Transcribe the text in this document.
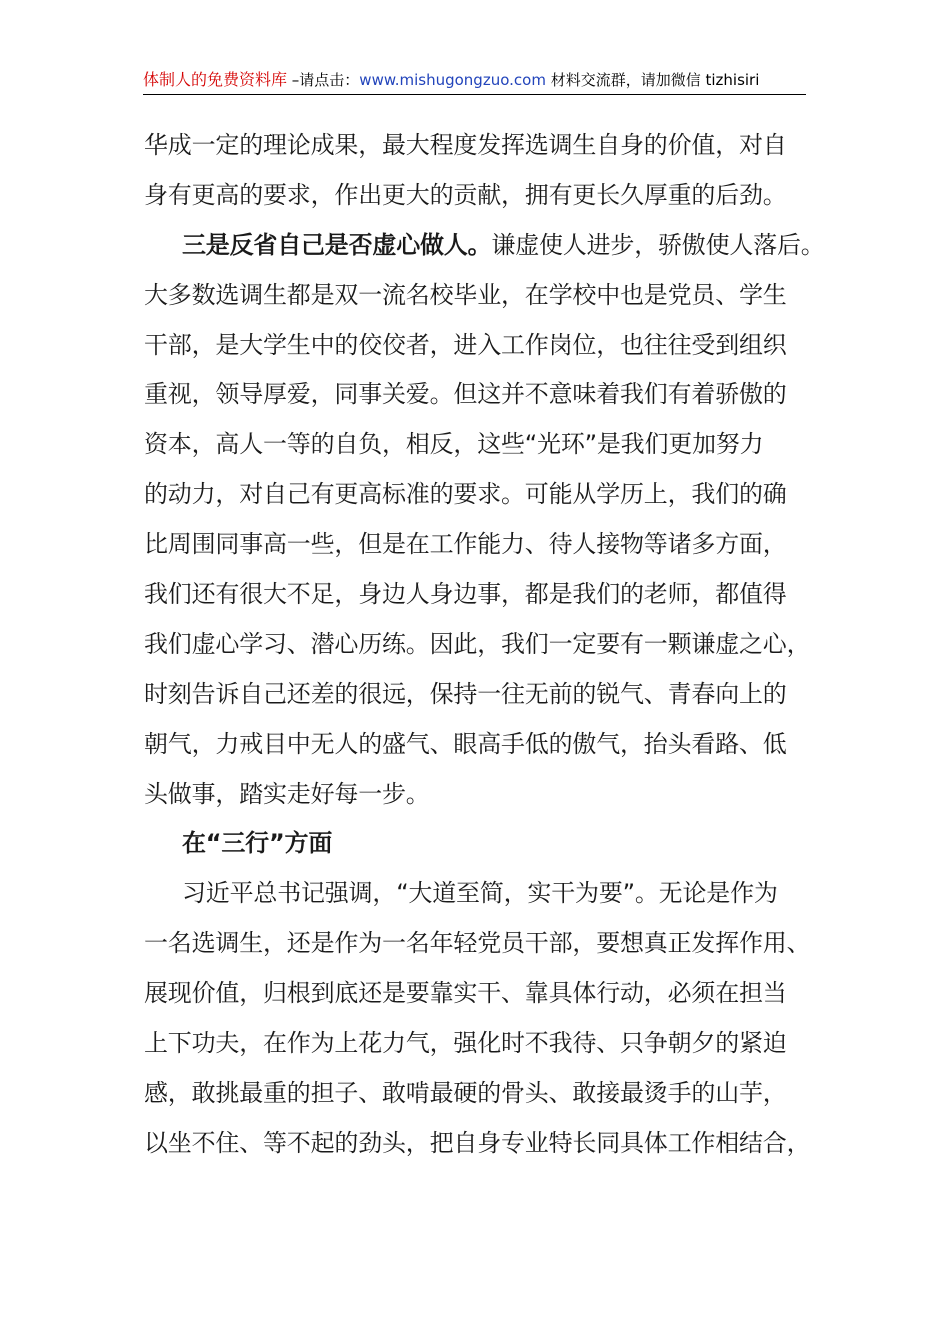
体制人的免费资料库 –请点击：www.mishugongzuo.com 材料交流群，请加微信 tizhisiri
华成一定的理论成果，最大程度发挥选调生自身的价值，对自
身有更高的要求，作出更大的贡献，拥有更长久厚重的后劲。
三是反省自己是否虚心做人。谦虚使人进步，骄傲使人落后。
大多数选调生都是双一流名校毕业，在学校中也是党员、学生
干部，是大学生中的佼佼者，进入工作岗位，也往往受到组织
重视，领导厚爱，同事关爱。但这并不意味着我们有着骄傲的
资本，高人一等的自负，相反，这些“光环”是我们更加努力
的动力，对自己有更高标准的要求。可能从学历上，我们的确
比周围同事高一些，但是在工作能力、待人接物等诸多方面，
我们还有很大不足，身边人身边事，都是我们的老师，都值得
我们虚心学习、潜心历练。因此，我们一定要有一颗谦虚之心，
时刻告诉自己还差的很远，保持一往无前的锐气、青春向上的
朝气，力戒目中无人的盛气、眼高手低的傲气，抬头看路、低
头做事，踏实走好每一步。
在“三行”方面
习近平总书记强调，“大道至简，实干为要”。无论是作为
一名选调生，还是作为一名年轻党员干部，要想真正发挥作用、
展现价值，归根到底还是要靠实干、靠具体行动，必须在担当
上下功夫，在作为上花力气，强化时不我待、只争朝夕的紧迫
感，敢挑最重的担子、敢啃最硬的骨头、敢接最烫手的山芋，
以坐不住、等不起的劲头，把自身专业特长同具体工作相结合，
